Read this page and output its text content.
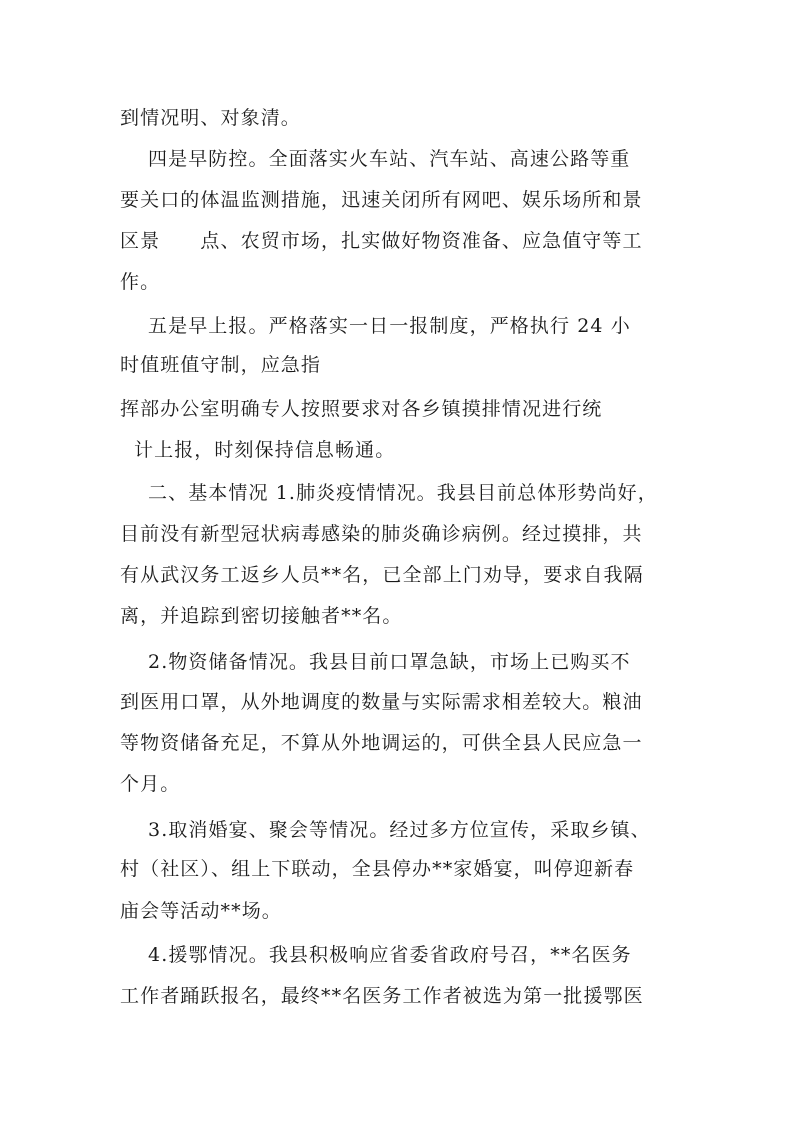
到情况明、对象清。
四是早防控。全面落实火车站、汽车站、高速公路等重
要关口的体温监测措施，迅速关闭所有网吧、娱乐场所和景
区景　　点、农贸市场，扎实做好物资准备、应急值守等工
作。
五是早上报。严格落实一日一报制度，严格执行 24 小
时值班值守制，应急指
挥部办公室明确专人按照要求对各乡镇摸排情况进行统
计上报，时刻保持信息畅通。
二、基本情况 1.肺炎疫情情况。我县目前总体形势尚好，
目前没有新型冠状病毒感染的肺炎确诊病例。经过摸排，共
有从武汉务工返乡人员**名，已全部上门劝导，要求自我隔
离，并追踪到密切接触者**名。
2.物资储备情况。我县目前口罩急缺，市场上已购买不
到医用口罩，从外地调度的数量与实际需求相差较大。粮油
等物资储备充足，不算从外地调运的，可供全县人民应急一
个月。
3.取消婚宴、聚会等情况。经过多方位宣传，采取乡镇、
村（社区）、组上下联动，全县停办**家婚宴，叫停迎新春
庙会等活动**场。
4.援鄂情况。我县积极响应省委省政府号召，**名医务
工作者踊跃报名，最终**名医务工作者被选为第一批援鄂医
